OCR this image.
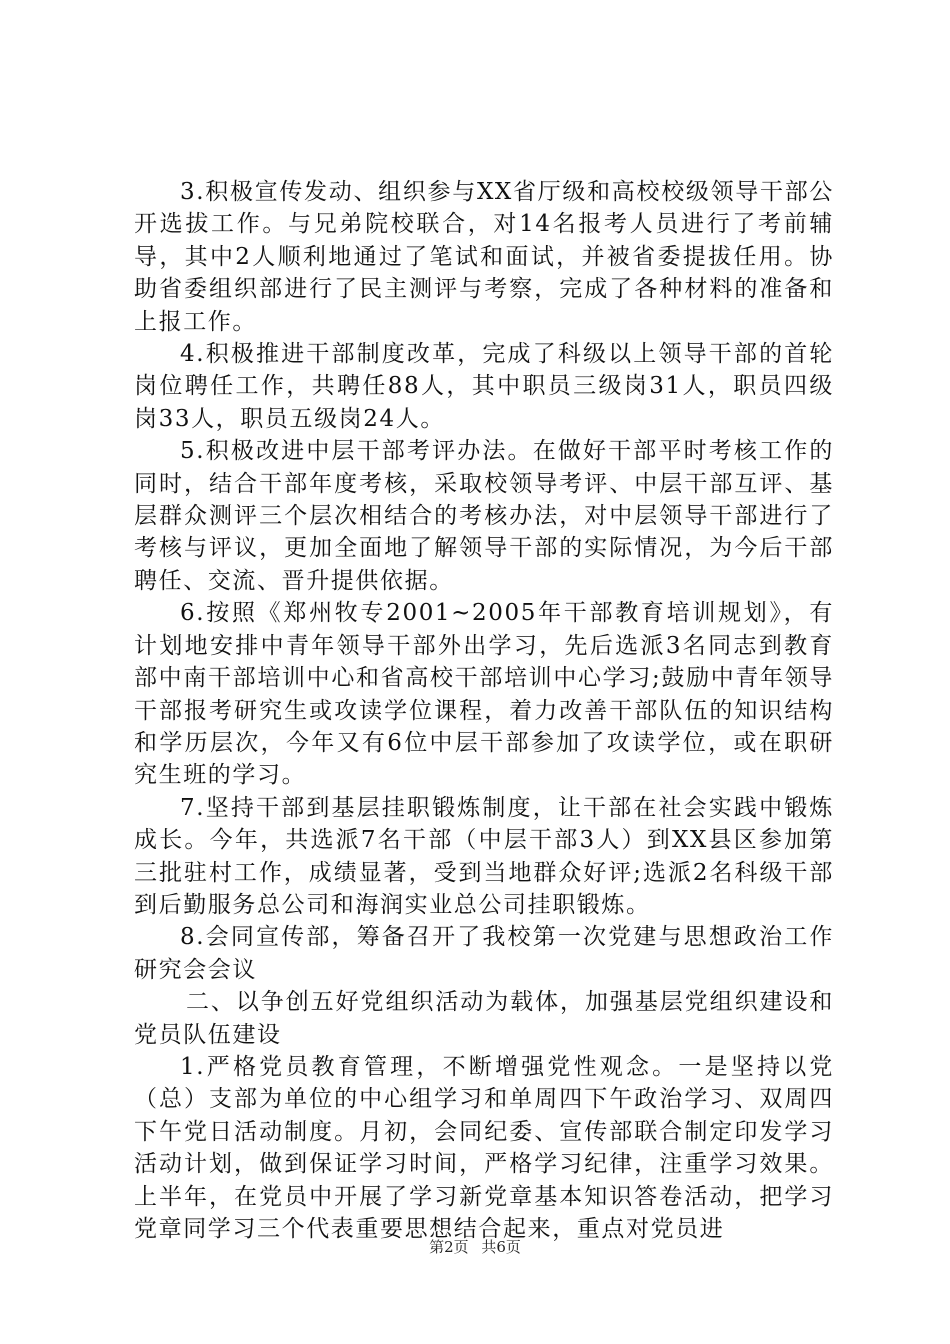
3.积极宣传发动、组织参与XX省厅级和高校校级领导干部公开选拔工作。与兄弟院校联合，对14名报考人员进行了考前辅导，其中2人顺利地通过了笔试和面试，并被省委提拔任用。协助省委组织部进行了民主测评与考察，完成了各种材料的准备和上报工作。

4.积极推进干部制度改革，完成了科级以上领导干部的首轮岗位聘任工作，共聘任88人，其中职员三级岗31人，职员四级岗33人，职员五级岗24人。

5.积极改进中层干部考评办法。在做好干部平时考核工作的同时，结合干部年度考核，采取校领导考评、中层干部互评、基层群众测评三个层次相结合的考核办法，对中层领导干部进行了考核与评议，更加全面地了解领导干部的实际情况，为今后干部聘任、交流、晋升提供依据。

6.按照《郑州牧专2001~2005年干部教育培训规划》，有计划地安排中青年领导干部外出学习，先后选派3名同志到教育部中南干部培训中心和省高校干部培训中心学习;鼓励中青年领导干部报考研究生或攻读学位课程，着力改善干部队伍的知识结构和学历层次，今年又有6位中层干部参加了攻读学位，或在职研究生班的学习。

7.坚持干部到基层挂职锻炼制度，让干部在社会实践中锻炼成长。今年，共选派7名干部（中层干部3人）到XX县区参加第三批驻村工作，成绩显著，受到当地群众好评;选派2名科级干部到后勤服务总公司和海润实业总公司挂职锻炼。

8.会同宣传部，筹备召开了我校第一次党建与思想政治工作研究会会议

二、以争创五好党组织活动为载体，加强基层党组织建设和党员队伍建设

1.严格党员教育管理，不断增强党性观念。一是坚持以党（总）支部为单位的中心组学习和单周四下午政治学习、双周四下午党日活动制度。月初，会同纪委、宣传部联合制定印发学习活动计划，做到保证学习时间，严格学习纪律，注重学习效果。上半年，在党员中开展了学习新党章基本知识答卷活动，把学习党章同学习三个代表重要思想结合起来，重点对党员进

第2页 共6页
